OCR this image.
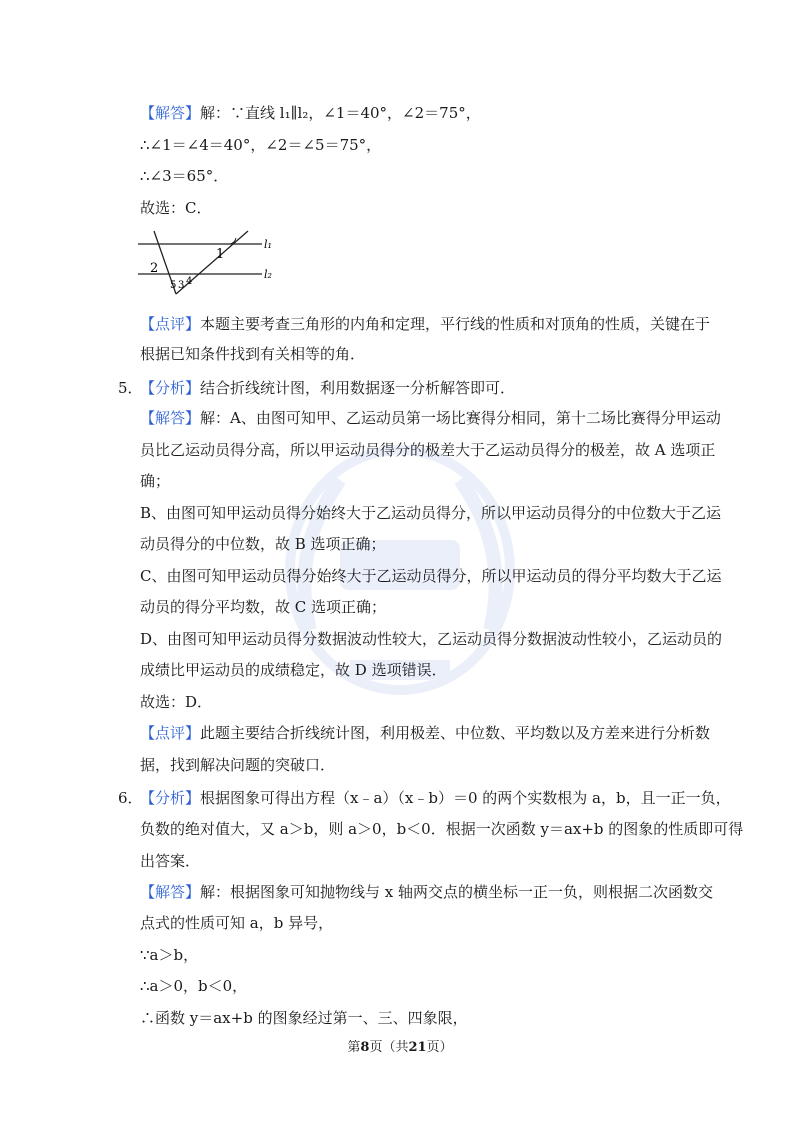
【解答】解：∵直线 l₁∥l₂，∠1＝40°，∠2＝75°，
∴∠1＝∠4＝40°，∠2＝∠5＝75°，
∴∠3＝65°．
故选：C．
l₁
l₂
1
2
5 3 4
【点评】本题主要考查三角形的内角和定理，平行线的性质和对顶角的性质，关键在于
根据已知条件找到有关相等的角．
5．
【分析】结合折线统计图，利用数据逐一分析解答即可．
【解答】解：A、由图可知甲、乙运动员第一场比赛得分相同，第十二场比赛得分甲运动
员比乙运动员得分高，所以甲运动员得分的极差大于乙运动员得分的极差，故 A 选项正
确；
B、由图可知甲运动员得分始终大于乙运动员得分，所以甲运动员得分的中位数大于乙运
动员得分的中位数，故 B 选项正确；
C、由图可知甲运动员得分始终大于乙运动员得分，所以甲运动员的得分平均数大于乙运
动员的得分平均数，故 C 选项正确；
D、由图可知甲运动员得分数据波动性较大，乙运动员得分数据波动性较小，乙运动员的
成绩比甲运动员的成绩稳定，故 D 选项错误．
故选：D．
【点评】此题主要结合折线统计图，利用极差、中位数、平均数以及方差来进行分析数
据，找到解决问题的突破口．
6．
【分析】根据图象可得出方程（x﹣a）（x﹣b）＝0 的两个实数根为 a，b，且一正一负，
负数的绝对值大，又 a＞b，则 a＞0，b＜0．根据一次函数 y＝ax+b 的图象的性质即可得
出答案．
【解答】解：根据图象可知抛物线与 x 轴两交点的横坐标一正一负，则根据二次函数交
点式的性质可知 a，b 异号，
∵a＞b，
∴a＞0，b＜0，
∴函数 y＝ax+b 的图象经过第一、三、四象限，
第8页（共21页）
